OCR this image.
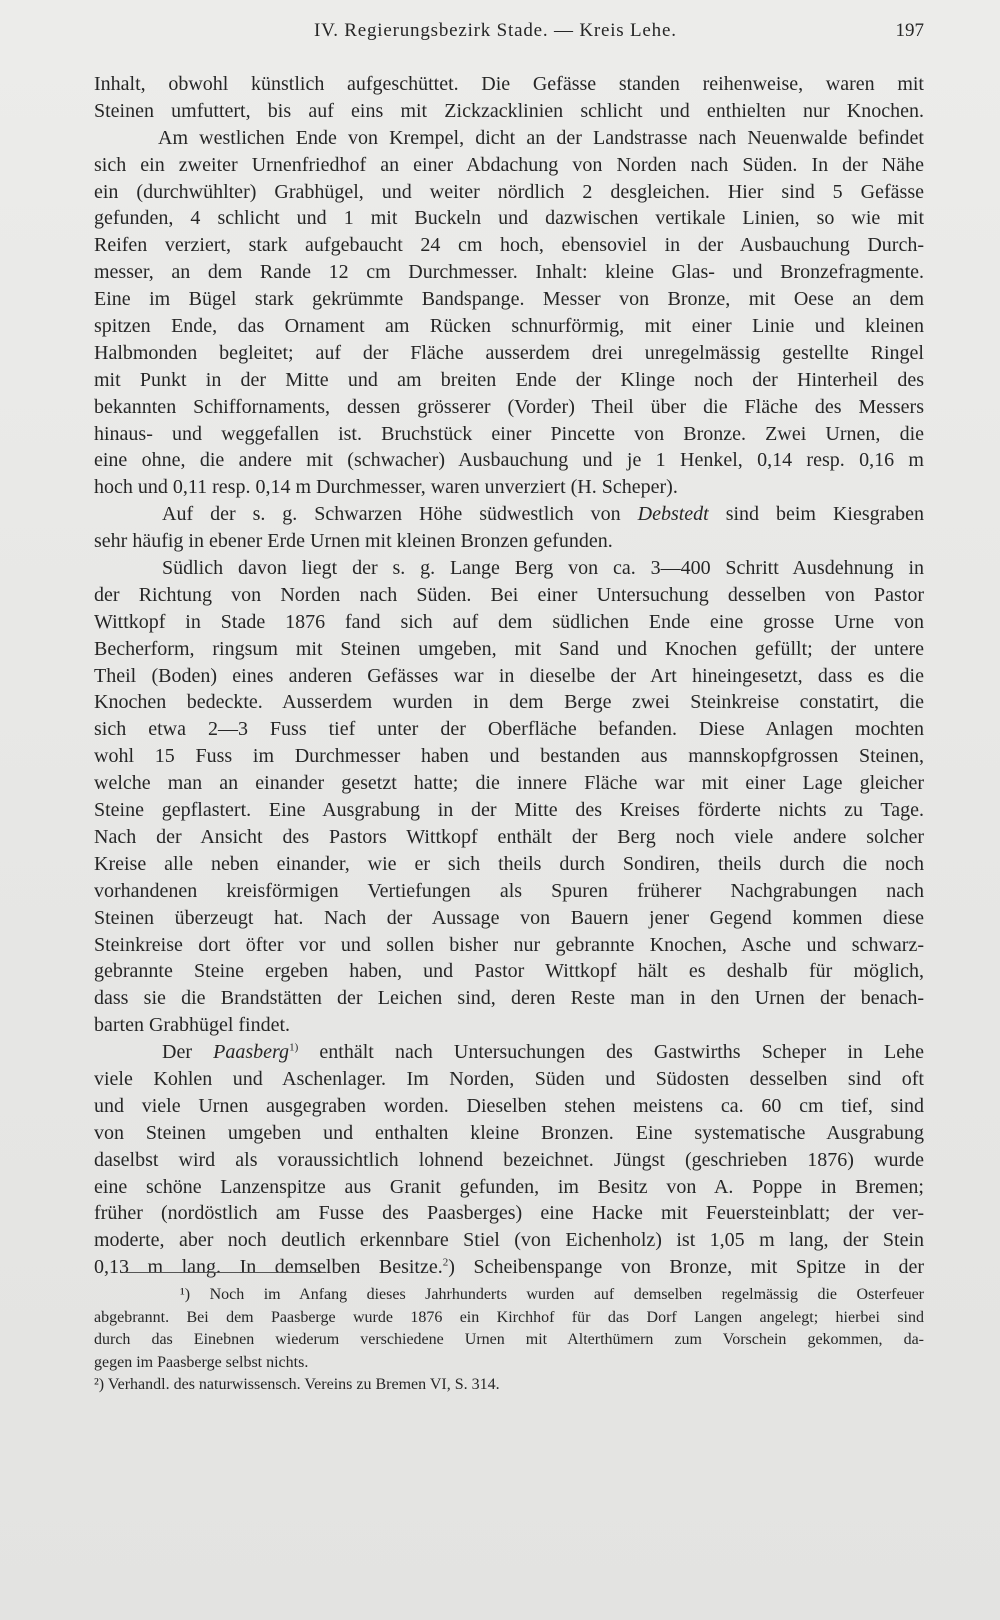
IV. Regierungsbezirk Stade. — Kreis Lehe.	197
Inhalt, obwohl künstlich aufgeschüttet. Die Gefässe standen reihenweise, waren mit
Steinen umfuttert, bis auf eins mit Zickzacklinien schlicht und enthielten nur Knochen.
Am westlichen Ende von Krempel, dicht an der Landstrasse nach Neuenwalde befindet
sich ein zweiter Urnenfriedhof an einer Abdachung von Norden nach Süden. In der Nähe
ein (durchwühlter) Grabhügel, und weiter nördlich 2 desgleichen. Hier sind 5 Gefässe
gefunden, 4 schlicht und 1 mit Buckeln und dazwischen vertikale Linien, so wie mit
Reifen verziert, stark aufgebaucht 24 cm hoch, ebensoviel in der Ausbauchung Durch-
messer, an dem Rande 12 cm Durchmesser. Inhalt: kleine Glas- und Bronzefragmente.
Eine im Bügel stark gekrümmte Bandspange. Messer von Bronze, mit Oese an dem
spitzen Ende, das Ornament am Rücken schnurförmig, mit einer Linie und kleinen
Halbmonden begleitet; auf der Fläche ausserdem drei unregelmässig gestellte Ringel
mit Punkt in der Mitte und am breiten Ende der Klinge noch der Hinterheil des
bekannten Schiffornaments, dessen grösserer (Vorder) Theil über die Fläche des Messers
hinaus- und weggefallen ist. Bruchstück einer Pincette von Bronze. Zwei Urnen, die
eine ohne, die andere mit (schwacher) Ausbauchung und je 1 Henkel, 0,14 resp. 0,16 m
hoch und 0,11 resp. 0,14 m Durchmesser, waren unverziert (H. Scheper).
Auf der s. g. Schwarzen Höhe südwestlich von Debstedt sind beim Kiesgraben
sehr häufig in ebener Erde Urnen mit kleinen Bronzen gefunden.
Südlich davon liegt der s. g. Lange Berg von ca. 3—400 Schritt Ausdehnung in
der Richtung von Norden nach Süden. Bei einer Untersuchung desselben von Pastor
Wittkopf in Stade 1876 fand sich auf dem südlichen Ende eine grosse Urne von
Becherform, ringsum mit Steinen umgeben, mit Sand und Knochen gefüllt; der untere
Theil (Boden) eines anderen Gefässes war in dieselbe der Art hineingesetzt, dass es die
Knochen bedeckte. Ausserdem wurden in dem Berge zwei Steinkreise constatirt, die
sich etwa 2—3 Fuss tief unter der Oberfläche befanden. Diese Anlagen mochten
wohl 15 Fuss im Durchmesser haben und bestanden aus mannskopfgrossen Steinen,
welche man an einander gesetzt hatte; die innere Fläche war mit einer Lage gleicher
Steine gepflastert. Eine Ausgrabung in der Mitte des Kreises förderte nichts zu Tage.
Nach der Ansicht des Pastors Wittkopf enthält der Berg noch viele andere solcher
Kreise alle neben einander, wie er sich theils durch Sondiren, theils durch die noch
vorhandenen kreisförmigen Vertiefungen als Spuren früherer Nachgrabungen nach
Steinen überzeugt hat. Nach der Aussage von Bauern jener Gegend kommen diese
Steinkreise dort öfter vor und sollen bisher nur gebrannte Knochen, Asche und schwarz-
gebrannte Steine ergeben haben, und Pastor Wittkopf hält es deshalb für möglich,
dass sie die Brandstätten der Leichen sind, deren Reste man in den Urnen der benach-
barten Grabhügel findet.
Der Paasberg$^{1)}$ enthält nach Untersuchungen des Gastwirths Scheper in Lehe
viele Kohlen und Aschenlager. Im Norden, Süden und Südosten desselben sind oft
und viele Urnen ausgegraben worden. Dieselben stehen meistens ca. 60 cm tief, sind
von Steinen umgeben und enthalten kleine Bronzen. Eine systematische Ausgrabung
daselbst wird als voraussichtlich lohnend bezeichnet. Jüngst (geschrieben 1876) wurde
eine schöne Lanzenspitze aus Granit gefunden, im Besitz von A. Poppe in Bremen;
früher (nordöstlich am Fusse des Paasberges) eine Hacke mit Feuersteinblatt; der ver-
moderte, aber noch deutlich erkennbare Stiel (von Eichenholz) ist 1,05 m lang, der Stein
0,13 m lang. In demselben Besitze.$^2$) Scheibenspange von Bronze, mit Spitze in der
¹) Noch im Anfang dieses Jahrhunderts wurden auf demselben regelmässig die Osterfeuer
abgebrannt. Bei dem Paasberge wurde 1876 ein Kirchhof für das Dorf Langen angelegt; hierbei sind
durch das Einebnen wiederum verschiedene Urnen mit Alterthümern zum Vorschein gekommen, da-
gegen im Paasberge selbst nichts.
²) Verhandl. des naturwissensch. Vereins zu Bremen VI, S. 314.
